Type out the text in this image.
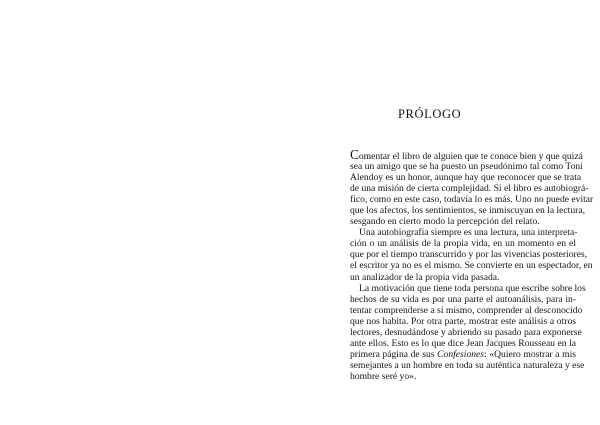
PRÓLOGO
Comentar el libro de alguien que te conoce bien y que quizá
sea un amigo que se ha puesto un pseudónimo tal como Toni
Alendoy es un honor, aunque hay que reconocer que se trata
de una misión de cierta complejidad. Si el libro es autobiográ-
fico, como en este caso, todavía lo es más. Uno no puede evitar
que los afectos, los sentimientos, se inmiscuyan en la lectura,
sesgando en cierto modo la percepción del relato.
Una autobiografía siempre es una lectura, una interpreta-
ción o un análisis de la propia vida, en un momento en el
que por el tiempo transcurrido y por las vivencias posteriores,
el escritor ya no es el mismo. Se convierte en un espectador, en
un analizador de la propia vida pasada.
La motivación que tiene toda persona que escribe sobre los
hechos de su vida es por una parte el autoanálisis, para in-
tentar comprenderse a sí mismo, comprender al desconocido
que nos habita. Por otra parte, mostrar este análisis a otros
lectores, desnudándose y abriendo su pasado para exponerse
ante ellos. Esto es lo que dice Jean Jacques Rousseau en la
primera página de sus Confesiones: «Quiero mostrar a mis
semejantes a un hombre en toda su auténtica naturaleza y ese
hombre seré yo».
